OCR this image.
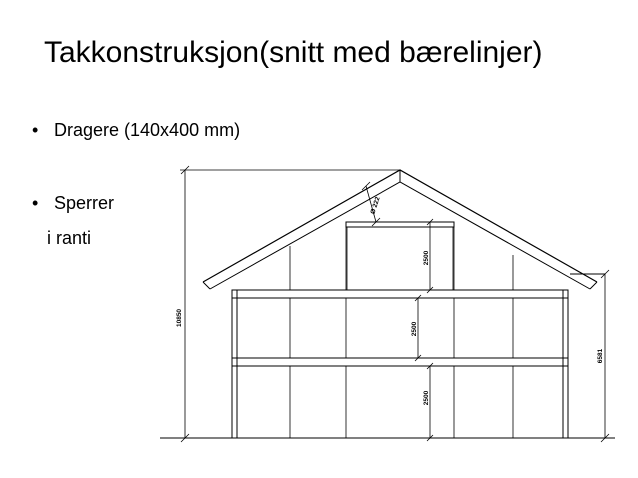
Takkonstruksjon(snitt med bærelinjer)
• Dragere (140x400 mm)
• Sperrer
i ranti
10850
Ø 222
2500
2500
2500
6581
